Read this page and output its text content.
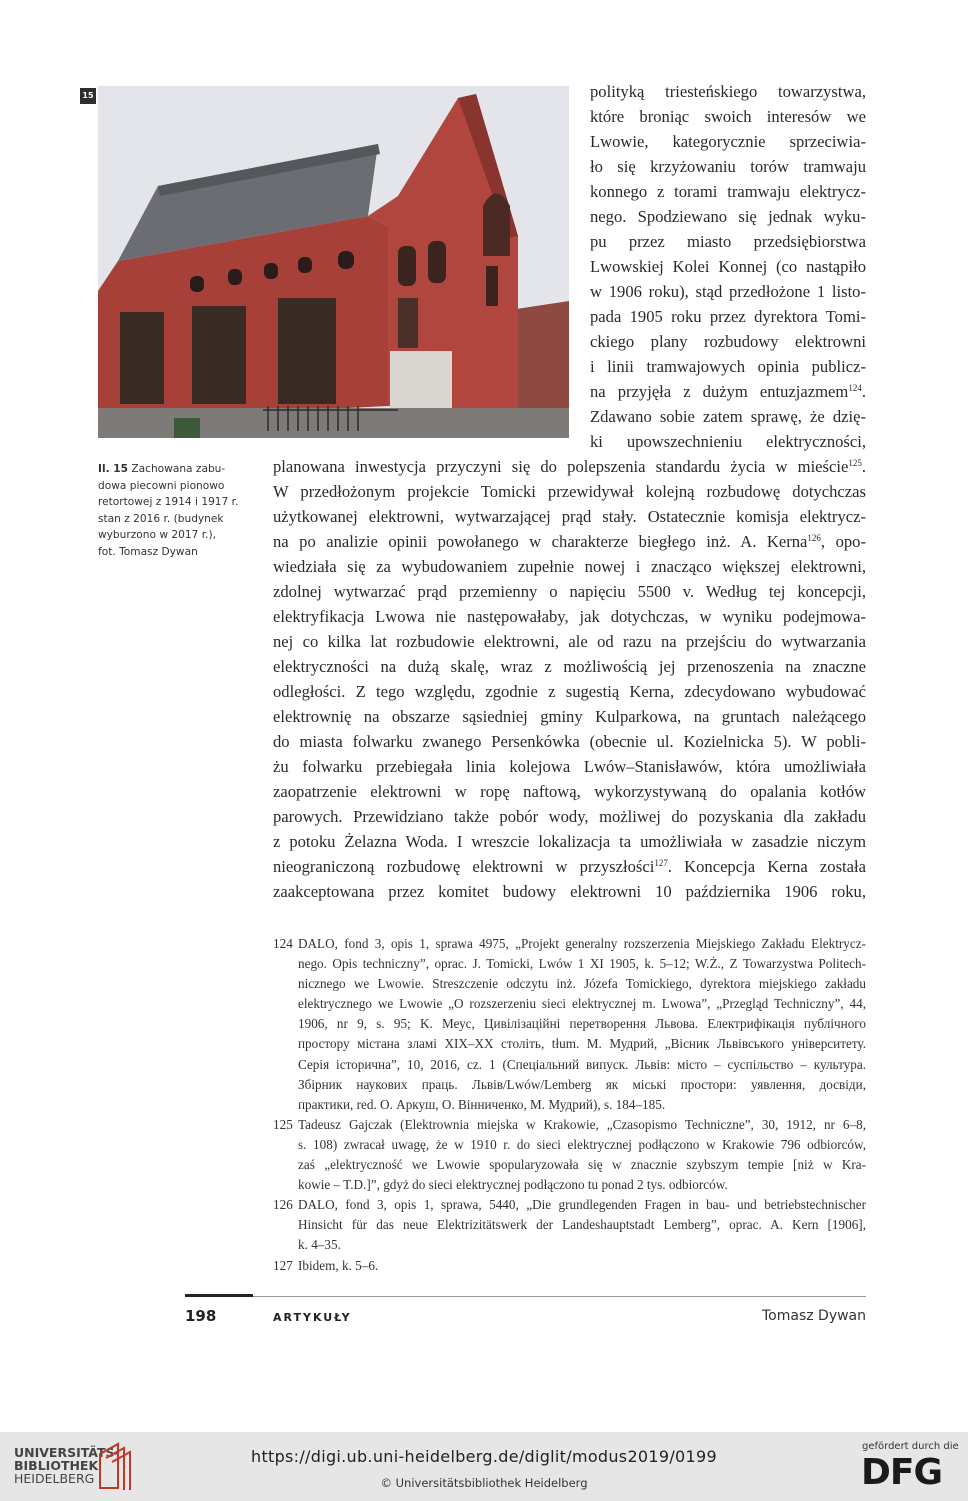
15
Il. 15 Zachowana zabu-
dowa piecowni pionowo
retortowej z 1914 i 1917 r.
stan z 2016 r. (budynek
wyburzono w 2017 r.),
fot. Tomasz Dywan
polityką triesteńskiego towarzystwa,
które broniąc swoich interesów we
Lwowie, kategorycznie sprzeciwia-
ło się krzyżowaniu torów tramwaju
konnego z torami tramwaju elektrycz-
nego. Spodziewano się jednak wyku-
pu przez miasto przedsiębiorstwa
Lwowskiej Kolei Konnej (co nastąpiło
w 1906 roku), stąd przedłożone 1 listo-
pada 1905 roku przez dyrektora Tomi-
ckiego plany rozbudowy elektrowni
i linii tramwajowych opinia publicz-
na przyjęła z dużym entuzjazmem$^{124}$.
Zdawano sobie zatem sprawę, że dzię-
ki upowszechnieniu elektryczności,
planowana inwestycja przyczyni się do polepszenia standardu życia w mieście$^{125}$.
W przedłożonym projekcie Tomicki przewidywał kolejną rozbudowę dotychczas
użytkowanej elektrowni, wytwarzającej prąd stały. Ostatecznie komisja elektrycz-
na po analizie opinii powołanego w charakterze biegłego inż. A. Kerna$^{126}$, opo-
wiedziała się za wybudowaniem zupełnie nowej i znacząco większej elektrowni,
zdolnej wytwarzać prąd przemienny o napięciu 5500 v. Według tej koncepcji,
elektryfikacja Lwowa nie następowałaby, jak dotychczas, w wyniku podejmowa-
nej co kilka lat rozbudowie elektrowni, ale od razu na przejściu do wytwarzania
elektryczności na dużą skalę, wraz z możliwością jej przenoszenia na znaczne
odległości. Z tego względu, zgodnie z sugestią Kerna, zdecydowano wybudować
elektrownię na obszarze sąsiedniej gminy Kulparkowa, na gruntach należącego
do miasta folwarku zwanego Persenkówka (obecnie ul. Kozielnicka 5). W pobli-
żu folwarku przebiegała linia kolejowa Lwów–Stanisławów, która umożliwiała
zaopatrzenie elektrowni w ropę naftową, wykorzystywaną do opalania kotłów
parowych. Przewidziano także pobór wody, możliwej do pozyskania dla zakładu
z potoku Żelazna Woda. I wreszcie lokalizacja ta umożliwiała w zasadzie niczym
nieograniczoną rozbudowę elektrowni w przyszłości$^{127}$. Koncepcja Kerna została
zaakceptowana przez komitet budowy elektrowni 10 października 1906 roku,
124 DALO, fond 3, opis 1, sprawa 4975, „Projekt generalny rozszerzenia Miejskiego Zakładu Elektrycz-
nego. Opis techniczny”, oprac. J. Tomicki, Lwów 1 XI 1905, k. 5–12; W.Ż., Z Towarzystwa Politech-
nicznego we Lwowie. Streszczenie odczytu inż. Józefa Tomickiego, dyrektora miejskiego zakładu
elektrycznego we Lwowie „O rozszerzeniu sieci elektrycznej m. Lwowa”, „Przegląd Techniczny”, 44,
1906, nr 9, s. 95; K. Меус, Цивілізаційні перетворення Львова. Електрифікація публічного
простору містана зламі XIX–XX століть, tłum. М. Мудрий, „Вісник Львівського університету.
Серія історична”, 10, 2016, cz. 1 (Спеціальний випуск. Львів: місто – суспільство – культура.
Збірник наукових праць. Львів/Lwów/Lemberg як міські простори: уявлення, досвіди,
практики, red. О. Аркуш, О. Вінниченко, М. Мудрий), s. 184–185.
125 Tadeusz Gajczak (Elektrownia miejska w Krakowie, „Czasopismo Techniczne”, 30, 1912, nr 6–8,
s. 108) zwracał uwagę, że w 1910 r. do sieci elektrycznej podłączono w Krakowie 796 odbiorców,
zaś „elektryczność we Lwowie spopularyzowała się w znacznie szybszym tempie [niż w Kra-
kowie – T.D.]”, gdyż do sieci elektrycznej podłączono tu ponad 2 tys. odbiorców.
126 DALO, fond 3, opis 1, sprawa, 5440, „Die grundlegenden Fragen in bau- und betriebstechnischer
Hinsicht für das neue Elektrizitätswerk der Landeshauptstadt Lemberg”, oprac. A. Kern [1906],
k. 4–35.
127 Ibidem, k. 5–6.
198	ARTYKUŁY	Tomasz Dywan
UNIVERSITÄTS-
BIBLIOTHEK
HEIDELBERG
https://digi.ub.uni-heidelberg.de/diglit/modus2019/0199
© Universitätsbibliothek Heidelberg
gefördert durch die
DFG
